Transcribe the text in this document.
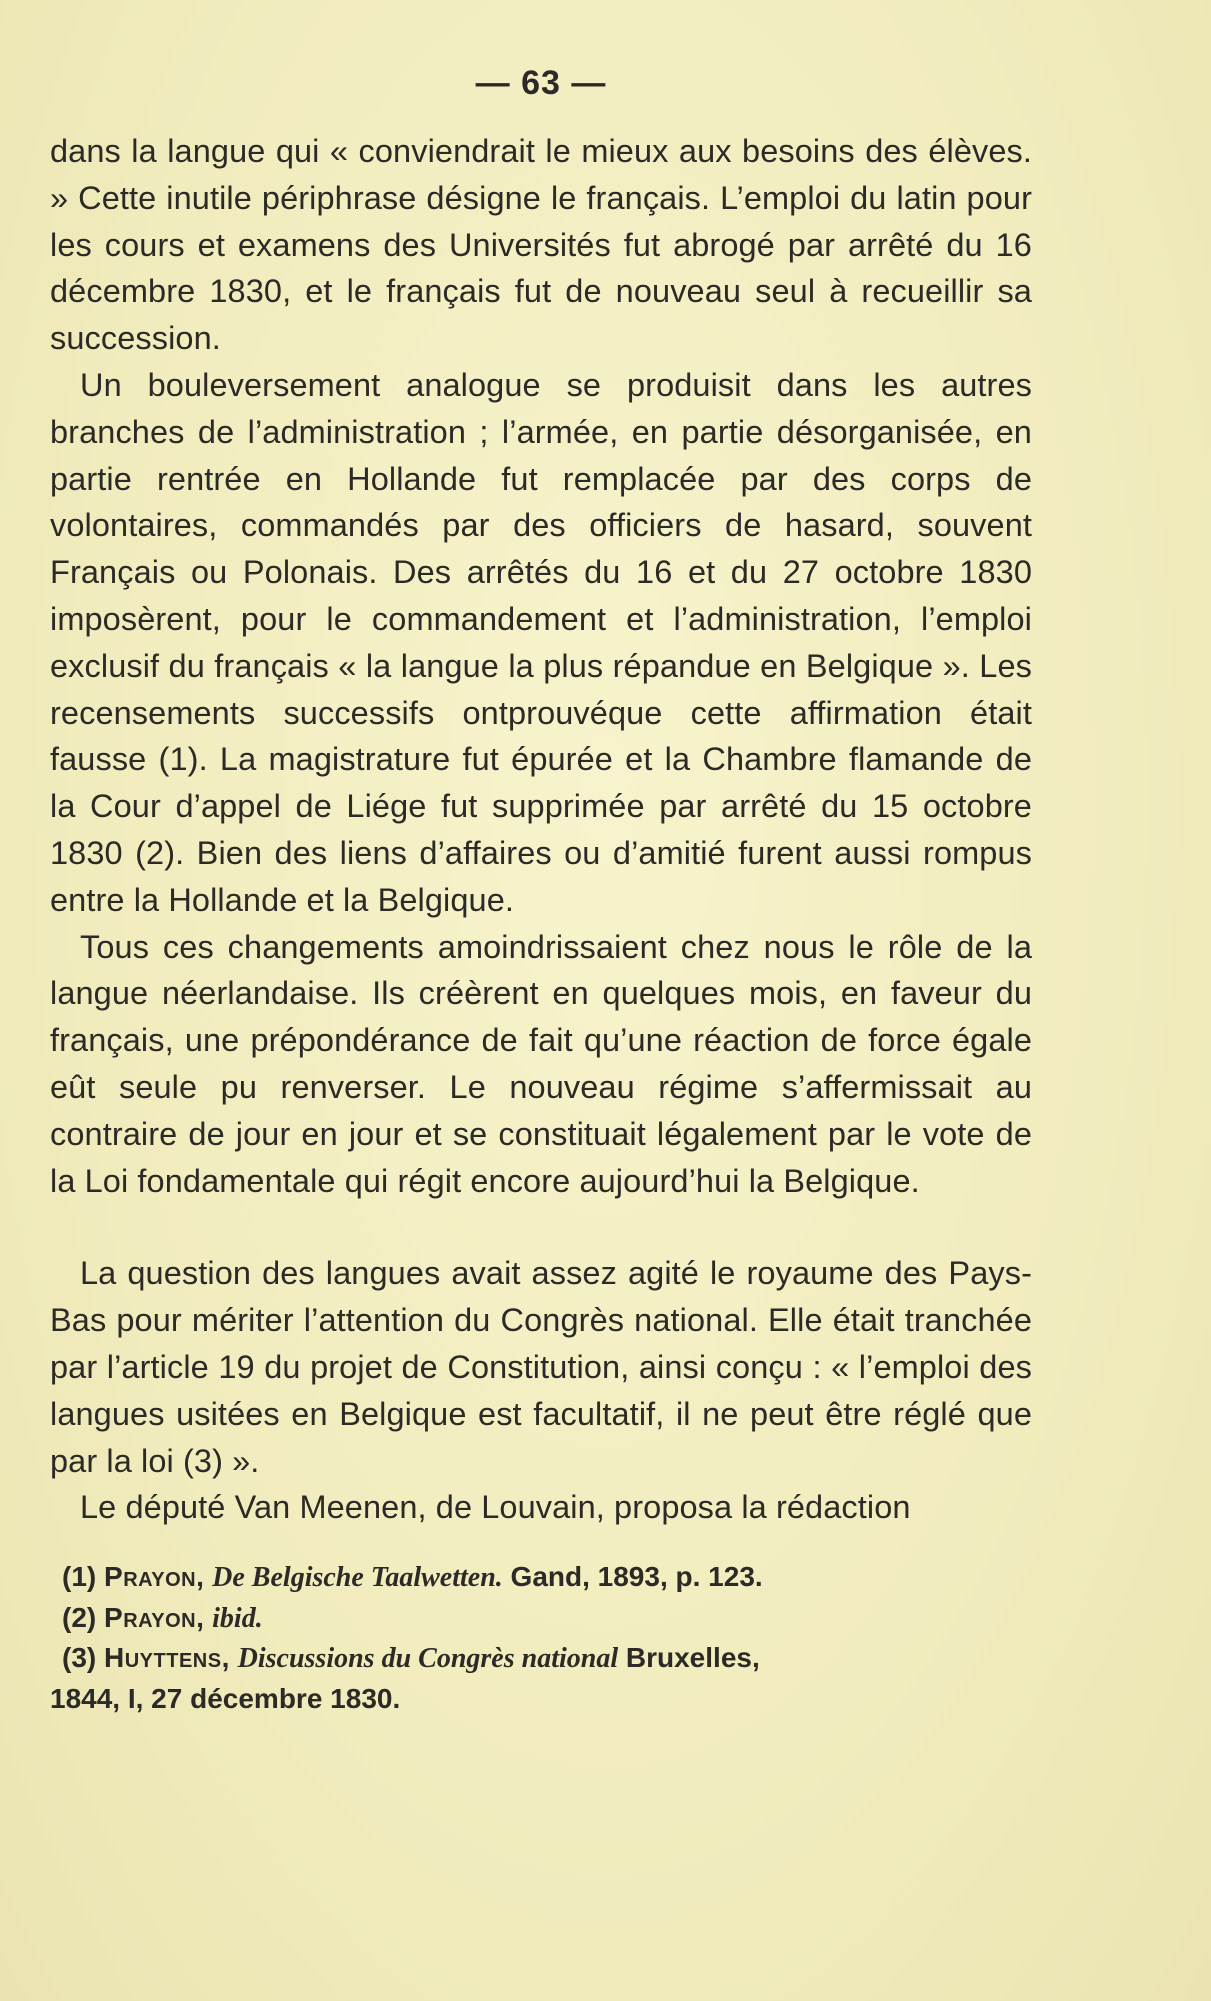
— 63 —

dans la langue qui « conviendrait le mieux aux besoins des élèves. » Cette inutile périphrase désigne le français. L’emploi du latin pour les cours et examens des Universités fut abrogé par arrêté du 16 décembre 1830, et le français fut de nouveau seul à recueillir sa succession.

Un bouleversement analogue se produisit dans les autres branches de l’administration ; l’armée, en partie désorganisée, en partie rentrée en Hollande fut remplacée par des corps de volontaires, commandés par des officiers de hasard, souvent Français ou Polonais. Des arrêtés du 16 et du 27 octobre 1830 imposèrent, pour le commandement et l’administration, l’emploi exclusif du français « la langue la plus répandue en Belgique ». Les recensements successifs ontprouvéque cette affirmation était fausse (1). La magistrature fut épurée et la Chambre flamande de la Cour d’appel de Liége fut supprimée par arrêté du 15 octobre 1830 (2). Bien des liens d’affaires ou d’amitié furent aussi rompus entre la Hollande et la Belgique.

Tous ces changements amoindrissaient chez nous le rôle de la langue néerlandaise. Ils créèrent en quelques mois, en faveur du français, une prépondérance de fait qu’une réaction de force égale eût seule pu renverser. Le nouveau régime s’affermissait au contraire de jour en jour et se constituait légalement par le vote de la Loi fondamentale qui régit encore aujourd’hui la Belgique.

La question des langues avait assez agité le royaume des Pays-Bas pour mériter l’attention du Congrès national. Elle était tranchée par l’article 19 du projet de Constitution, ainsi conçu : « l’emploi des langues usitées en Belgique est facultatif, il ne peut être réglé que par la loi (3) ».

Le député Van Meenen, de Louvain, proposa la rédaction

(1) Prayon, De Belgische Taalwetten. Gand, 1893, p. 123.

(2) Prayon, ibid.

(3) Huyttens, Discussions du Congrès national Bruxelles,
1844, I, 27 décembre 1830.
